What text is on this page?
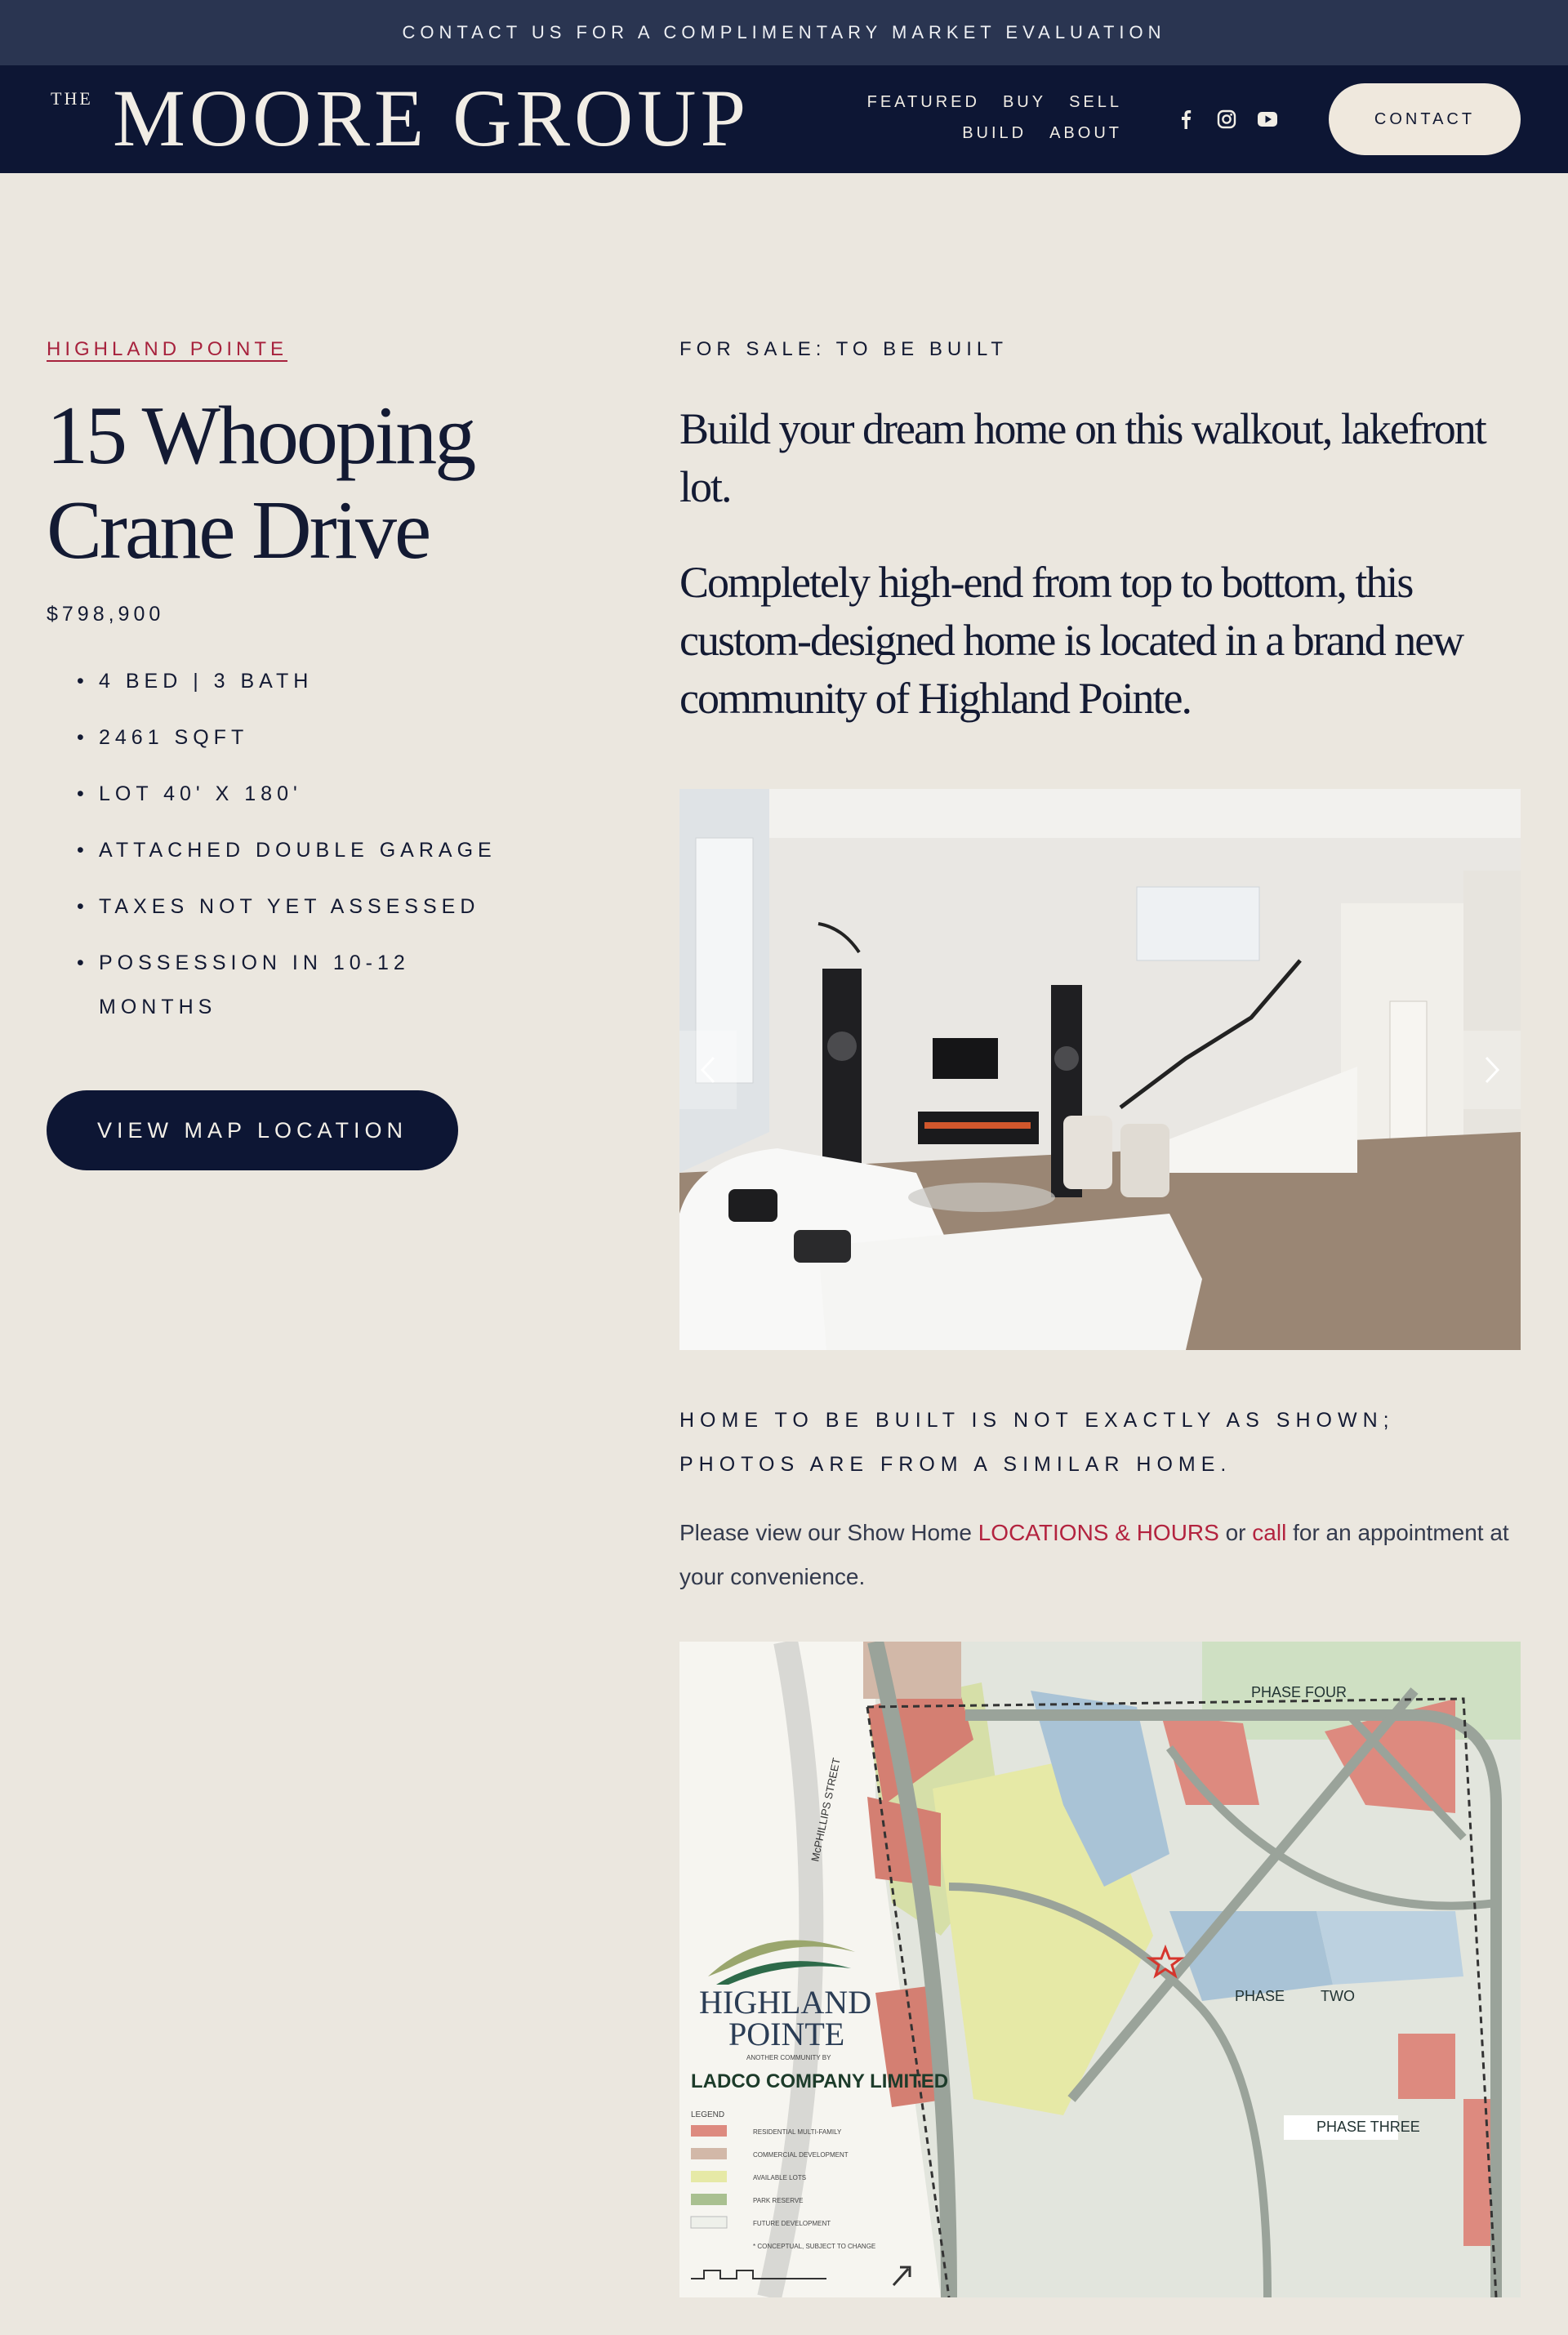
CONTACT US FOR A COMPLIMENTARY MARKET EVALUATION
THE MOORE GROUP	FEATURED BUY SELL
BUILD ABOUT
CONTACT
HIGHLAND POINTE
15 Whooping
Crane Drive
$798,900
• 4 BED | 3 BATH
• 2461 SQFT
• LOT 40' X 180'
• ATTACHED DOUBLE GARAGE
• TAXES NOT YET ASSESSED
• POSSESSION IN 10-12 MONTHS
VIEW MAP LOCATION
FOR SALE: TO BE BUILT

Build your dream home on this walkout, lakefront lot.

Completely high-end from top to bottom, this custom-designed home is located in a brand new community of Highland Pointe.

HOME TO BE BUILT IS NOT EXACTLY AS SHOWN; PHOTOS ARE FROM A SIMILAR HOME.

Please view our Show Home LOCATIONS & HOURS or call for an appointment at your convenience.

PHASE FOUR
PHASE TWO
PHASE THREE
McPHILLIPS STREET
HIGHLAND
POINTE
ANOTHER COMMUNITY BY
LADCO COMPANY LIMITED
LEGEND
RESIDENTIAL MULTI-FAMILY
COMMERCIAL DEVELOPMENT
AVAILABLE LOTS
PARK RESERVE
FUTURE DEVELOPMENT
* CONCEPTUAL, SUBJECT TO CHANGE
